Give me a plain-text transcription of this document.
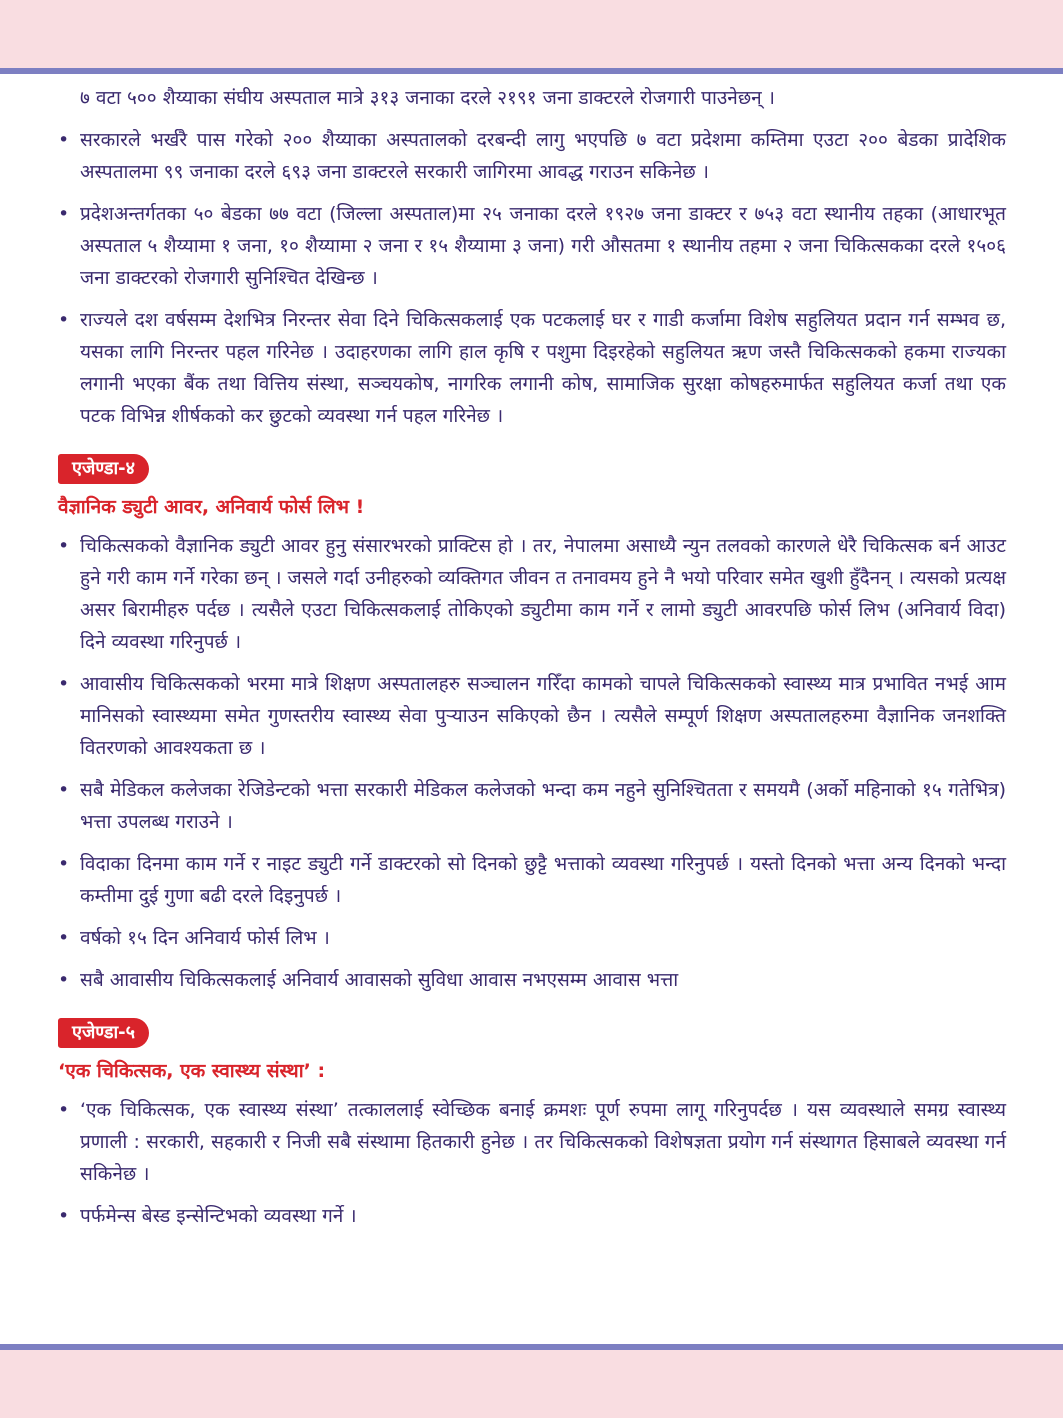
७ वटा ५०० शैय्याका संघीय अस्पताल मात्रे ३१३ जनाका दरले २१९१ जना डाक्टरले रोजगारी पाउनेछन् ।

• सरकारले भर्खरै पास गरेको २०० शैय्याका अस्पतालको दरबन्दी लागु भएपछि ७ वटा प्रदेशमा कम्तिमा एउटा २०० बेडका प्रादेशिक अस्पतालमा ९९ जनाका दरले ६९३ जना डाक्टरले सरकारी जागिरमा आवद्ध गराउन सकिनेछ ।

• प्रदेशअन्तर्गतका ५० बेडका ७७ वटा (जिल्ला अस्पताल)मा २५ जनाका दरले १९२७ जना डाक्टर र ७५३ वटा स्थानीय तहका (आधारभूत अस्पताल ५ शैय्यामा १ जना, १० शैय्यामा २ जना र १५ शैय्यामा ३ जना) गरी औसतमा १ स्थानीय तहमा २ जना चिकित्सकका दरले १५०६ जना डाक्टरको रोजगारी सुनिश्चित देखिन्छ ।

• राज्यले दश वर्षसम्म देशभित्र निरन्तर सेवा दिने चिकित्सकलाई एक पटकलाई घर र गाडी कर्जामा विशेष सहुलियत प्रदान गर्न सम्भव छ, यसका लागि निरन्तर पहल गरिनेछ । उदाहरणका लागि हाल कृषि र पशुमा दिइरहेको सहुलियत ऋण जस्तै चिकित्सकको हकमा राज्यका लगानी भएका बैंक तथा वित्तिय संस्था, सञ्चयकोष, नागरिक लगानी कोष, सामाजिक सुरक्षा कोषहरुमार्फत सहुलियत कर्जा तथा एक पटक विभिन्न शीर्षकको कर छुटको व्यवस्था गर्न पहल गरिनेछ ।

एजेण्डा-४
वैज्ञानिक ड्युटी आवर, अनिवार्य फोर्स लिभ !

• चिकित्सकको वैज्ञानिक ड्युटी आवर हुनु संसारभरको प्राक्टिस हो । तर, नेपालमा असाध्यै न्युन तलवको कारणले धेरै चिकित्सक बर्न आउट हुने गरी काम गर्ने गरेका छन् । जसले गर्दा उनीहरुको व्यक्तिगत जीवन त तनावमय हुने नै भयो परिवार समेत खुशी हुँदैनन् । त्यसको प्रत्यक्ष असर बिरामीहरु पर्दछ । त्यसैले एउटा चिकित्सकलाई तोकिएको ड्युटीमा काम गर्ने र लामो ड्युटी आवरपछि फोर्स लिभ (अनिवार्य विदा) दिने व्यवस्था गरिनुपर्छ ।

• आवासीय चिकित्सकको भरमा मात्रे शिक्षण अस्पतालहरु सञ्चालन गरिँदा कामको चापले चिकित्सकको स्वास्थ्य मात्र प्रभावित नभई आम मानिसको स्वास्थ्यमा समेत गुणस्तरीय स्वास्थ्य सेवा पुऱ्याउन सकिएको छैन । त्यसैले सम्पूर्ण शिक्षण अस्पतालहरुमा वैज्ञानिक जनशक्ति वितरणको आवश्यकता छ ।

• सबै मेडिकल कलेजका रेजिडेन्टको भत्ता सरकारी मेडिकल कलेजको भन्दा कम नहुने सुनिश्चितता र समयमै (अर्को महिनाको १५ गतेभित्र) भत्ता उपलब्ध गराउने ।

• विदाका दिनमा काम गर्ने र नाइट ड्युटी गर्ने डाक्टरको सो दिनको छुट्टै भत्ताको व्यवस्था गरिनुपर्छ । यस्तो दिनको भत्ता अन्य दिनको भन्दा कम्तीमा दुई गुणा बढी दरले दिइनुपर्छ ।

• वर्षको १५ दिन अनिवार्य फोर्स लिभ ।

• सबै आवासीय चिकित्सकलाई अनिवार्य आवासको सुविधा आवास नभएसम्म आवास भत्ता

एजेण्डा-५
‘एक चिकित्सक, एक स्वास्थ्य संस्था’ :

• ‘एक चिकित्सक, एक स्वास्थ्य संस्था’ तत्काललाई स्वेच्छिक बनाई क्रमशः पूर्ण रुपमा लागू गरिनुपर्दछ । यस व्यवस्थाले समग्र स्वास्थ्य प्रणाली : सरकारी, सहकारी र निजी सबै संस्थामा हितकारी हुनेछ । तर चिकित्सकको विशेषज्ञता प्रयोग गर्न संस्थागत हिसाबले व्यवस्था गर्न सकिनेछ ।

• पर्फमेन्स बेस्ड इन्सेन्टिभको व्यवस्था गर्ने ।
